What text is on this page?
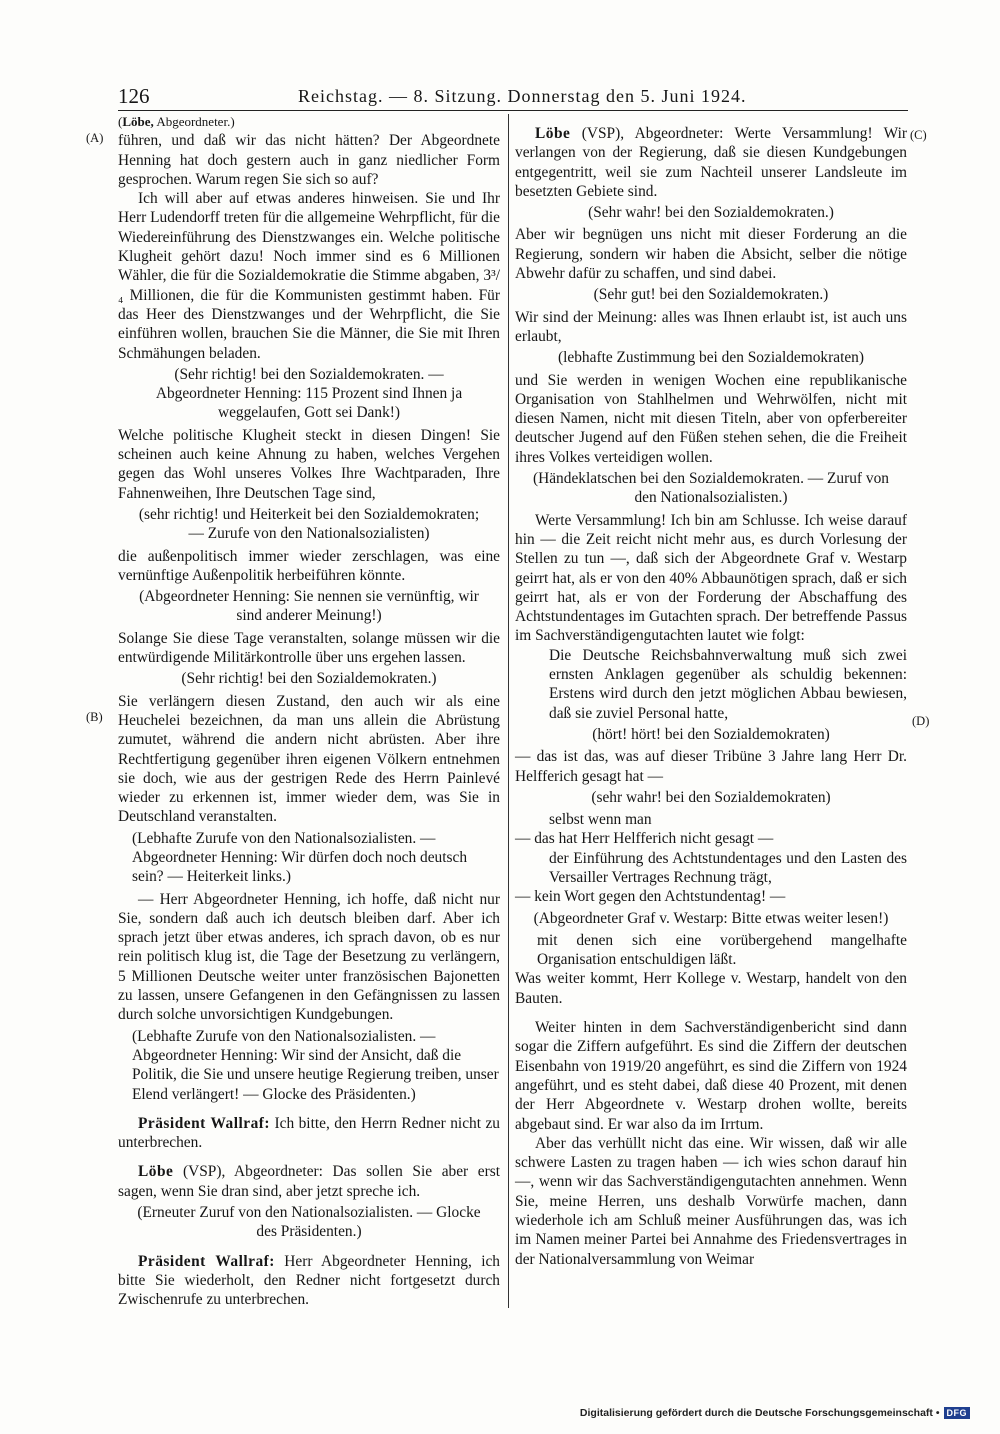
126	Reichstag. — 8. Sitzung. Donnerstag den 5. Juni 1924.
(A)
(B)
(C)
(D)

(Löbe, Abgeordneter.)

führen, und daß wir das nicht hätten? Der Abgeordnete Henning hat doch gestern auch in ganz niedlicher Form gesprochen. Warum regen Sie sich so auf?

Ich will aber auf etwas anderes hinweisen. Sie und Ihr Herr Ludendorff treten für die allgemeine Wehrpflicht, für die Wiedereinführung des Dienstzwanges ein. Welche politische Klugheit gehört dazu! Noch immer sind es 6 Millionen Wähler, die für die Sozialdemokratie die Stimme abgaben, 3³/₄ Millionen, die für die Kommunisten gestimmt haben. Für das Heer des Dienstzwanges und der Wehrpflicht, die Sie einführen wollen, brauchen Sie die Männer, die Sie mit Ihren Schmähungen beladen.

(Sehr richtig! bei den Sozialdemokraten. —
Abgeordneter Henning: 115 Prozent sind Ihnen ja weggelaufen, Gott sei Dank!)

Welche politische Klugheit steckt in diesen Dingen! Sie scheinen auch keine Ahnung zu haben, welches Vergehen gegen das Wohl unseres Volkes Ihre Wachtparaden, Ihre Fahnenweihen, Ihre Deutschen Tage sind,

(sehr richtig! und Heiterkeit bei den Sozialdemokraten; — Zurufe von den Nationalsozialisten)

die außenpolitisch immer wieder zerschlagen, was eine vernünftige Außenpolitik herbeiführen könnte.

(Abgeordneter Henning: Sie nennen sie vernünftig, wir sind anderer Meinung!)

Solange Sie diese Tage veranstalten, solange müssen wir die entwürdigende Militärkontrolle über uns ergehen lassen.

(Sehr richtig! bei den Sozialdemokraten.)

Sie verlängern diesen Zustand, den auch wir als eine Heuchelei bezeichnen, da man uns allein die Abrüstung zumutet, während die andern nicht abrüsten. Aber ihre Rechtfertigung gegenüber ihren eigenen Völkern entnehmen sie doch, wie aus der gestrigen Rede des Herrn Painlevé wieder zu erkennen ist, immer wieder dem, was Sie in Deutschland veranstalten.

(Lebhafte Zurufe von den Nationalsozialisten. —
Abgeordneter Henning: Wir dürfen doch noch deutsch sein? — Heiterkeit links.)

— Herr Abgeordneter Henning, ich hoffe, daß nicht nur Sie, sondern daß auch ich deutsch bleiben darf. Aber ich sprach jetzt über etwas anderes, ich sprach davon, ob es nur rein politisch klug ist, die Tage der Besetzung zu verlängern, 5 Millionen Deutsche weiter unter französischen Bajonetten zu lassen, unsere Gefangenen in den Gefängnissen zu lassen durch solche unvorsichtigen Kundgebungen.

(Lebhafte Zurufe von den Nationalsozialisten. —
Abgeordneter Henning: Wir sind der Ansicht, daß die Politik, die Sie und unsere heutige Regierung treiben, unser Elend verlängert! — Glocke des Präsidenten.)

Präsident Wallraf: Ich bitte, den Herrn Redner nicht zu unterbrechen.

Löbe (VSP), Abgeordneter: Das sollen Sie aber erst sagen, wenn Sie dran sind, aber jetzt spreche ich.

(Erneuter Zuruf von den Nationalsozialisten. — Glocke des Präsidenten.)

Präsident Wallraf: Herr Abgeordneter Henning, ich bitte Sie wiederholt, den Redner nicht fortgesetzt durch Zwischenrufe zu unterbrechen.

Löbe (VSP), Abgeordneter: Werte Versammlung! Wir verlangen von der Regierung, daß sie diesen Kundgebungen entgegentritt, weil sie zum Nachteil unserer Landsleute im besetzten Gebiete sind.

(Sehr wahr! bei den Sozialdemokraten.)

Aber wir begnügen uns nicht mit dieser Forderung an die Regierung, sondern wir haben die Absicht, selber die nötige Abwehr dafür zu schaffen, und sind dabei.

(Sehr gut! bei den Sozialdemokraten.)

Wir sind der Meinung: alles was Ihnen erlaubt ist, ist auch uns erlaubt,

(lebhafte Zustimmung bei den Sozialdemokraten)

und Sie werden in wenigen Wochen eine republikanische Organisation von Stahlhelmen und Wehrwölfen, nicht mit diesen Namen, nicht mit diesen Titeln, aber von opferbereiter deutscher Jugend auf den Füßen stehen sehen, die die Freiheit ihres Volkes verteidigen wollen.

(Händeklatschen bei den Sozialdemokraten. — Zuruf von den Nationalsozialisten.)

Werte Versammlung! Ich bin am Schlusse. Ich weise darauf hin — die Zeit reicht nicht mehr aus, es durch Vorlesung der Stellen zu tun —, daß sich der Abgeordnete Graf v. Westarp geirrt hat, als er von den 40% Abbaunötigen sprach, daß er sich geirrt hat, als er von der Forderung der Abschaffung des Achtstundentages im Gutachten sprach. Der betreffende Passus im Sachverständigengutachten lautet wie folgt:

Die Deutsche Reichsbahnverwaltung muß sich zwei ernsten Anklagen gegenüber als schuldig bekennen: Erstens wird durch den jetzt möglichen Abbau bewiesen, daß sie zuviel Personal hatte,

(hört! hört! bei den Sozialdemokraten)

— das ist das, was auf dieser Tribüne 3 Jahre lang Herr Dr. Helfferich gesagt hat —

(sehr wahr! bei den Sozialdemokraten)

selbst wenn man

— das hat Herr Helfferich nicht gesagt —

der Einführung des Achtstundentages und den Lasten des Versailler Vertrages Rechnung trägt,

— kein Wort gegen den Achtstundentag! —

(Abgeordneter Graf v. Westarp: Bitte etwas weiter lesen!)

mit denen sich eine vorübergehend mangelhafte Organisation entschuldigen läßt.

Was weiter kommt, Herr Kollege v. Westarp, handelt von den Bauten.

Weiter hinten in dem Sachverständigenbericht sind dann sogar die Ziffern aufgeführt. Es sind die Ziffern der deutschen Eisenbahn von 1919/20 angeführt, es sind die Ziffern von 1924 angeführt, und es steht dabei, daß diese 40 Prozent, mit denen der Herr Abgeordnete v. Westarp drohen wollte, bereits abgebaut sind. Er war also da im Irrtum.

Aber das verhüllt nicht das eine. Wir wissen, daß wir alle schwere Lasten zu tragen haben — ich wies schon darauf hin —, wenn wir das Sachverständigengutachten annehmen. Wenn Sie, meine Herren, uns deshalb Vorwürfe machen, dann wiederhole ich am Schluß meiner Ausführungen das, was ich im Namen meiner Partei bei Annahme des Friedensvertrages in der Nationalversammlung von Weimar

Digitalisierung gefördert durch die Deutsche Forschungsgemeinschaft • DFG
